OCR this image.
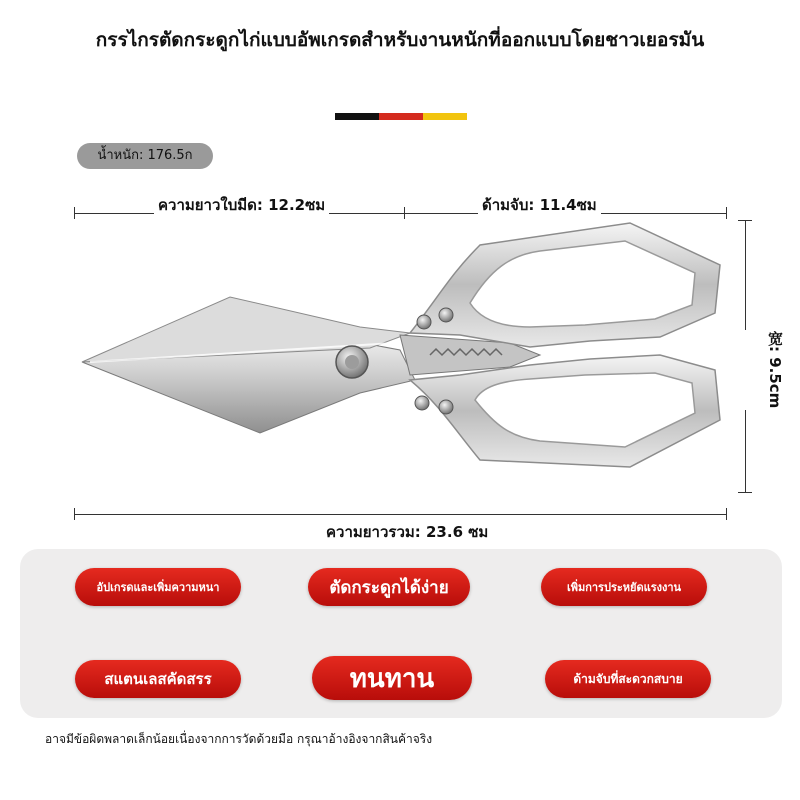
กรรไกรตัดกระดูกไก่แบบอัพเกรดสำหรับงานหนักที่ออกแบบโดยชาวเยอรมัน
น้ำหนัก: 176.5ก
ความยาวใบมีด: 12.2ซม	ด้ามจับ: 11.4ซม
宽: 9.5cm
ความยาวรวม: 23.6 ซม
อัปเกรดและเพิ่มความหนา	ตัดกระดูกได้ง่าย	เพิ่มการประหยัดแรงงาน
สแตนเลสคัดสรร	ทนทาน	ด้ามจับที่สะดวกสบาย
อาจมีข้อผิดพลาดเล็กน้อยเนื่องจากการวัดด้วยมือ กรุณาอ้างอิงจากสินค้าจริง
